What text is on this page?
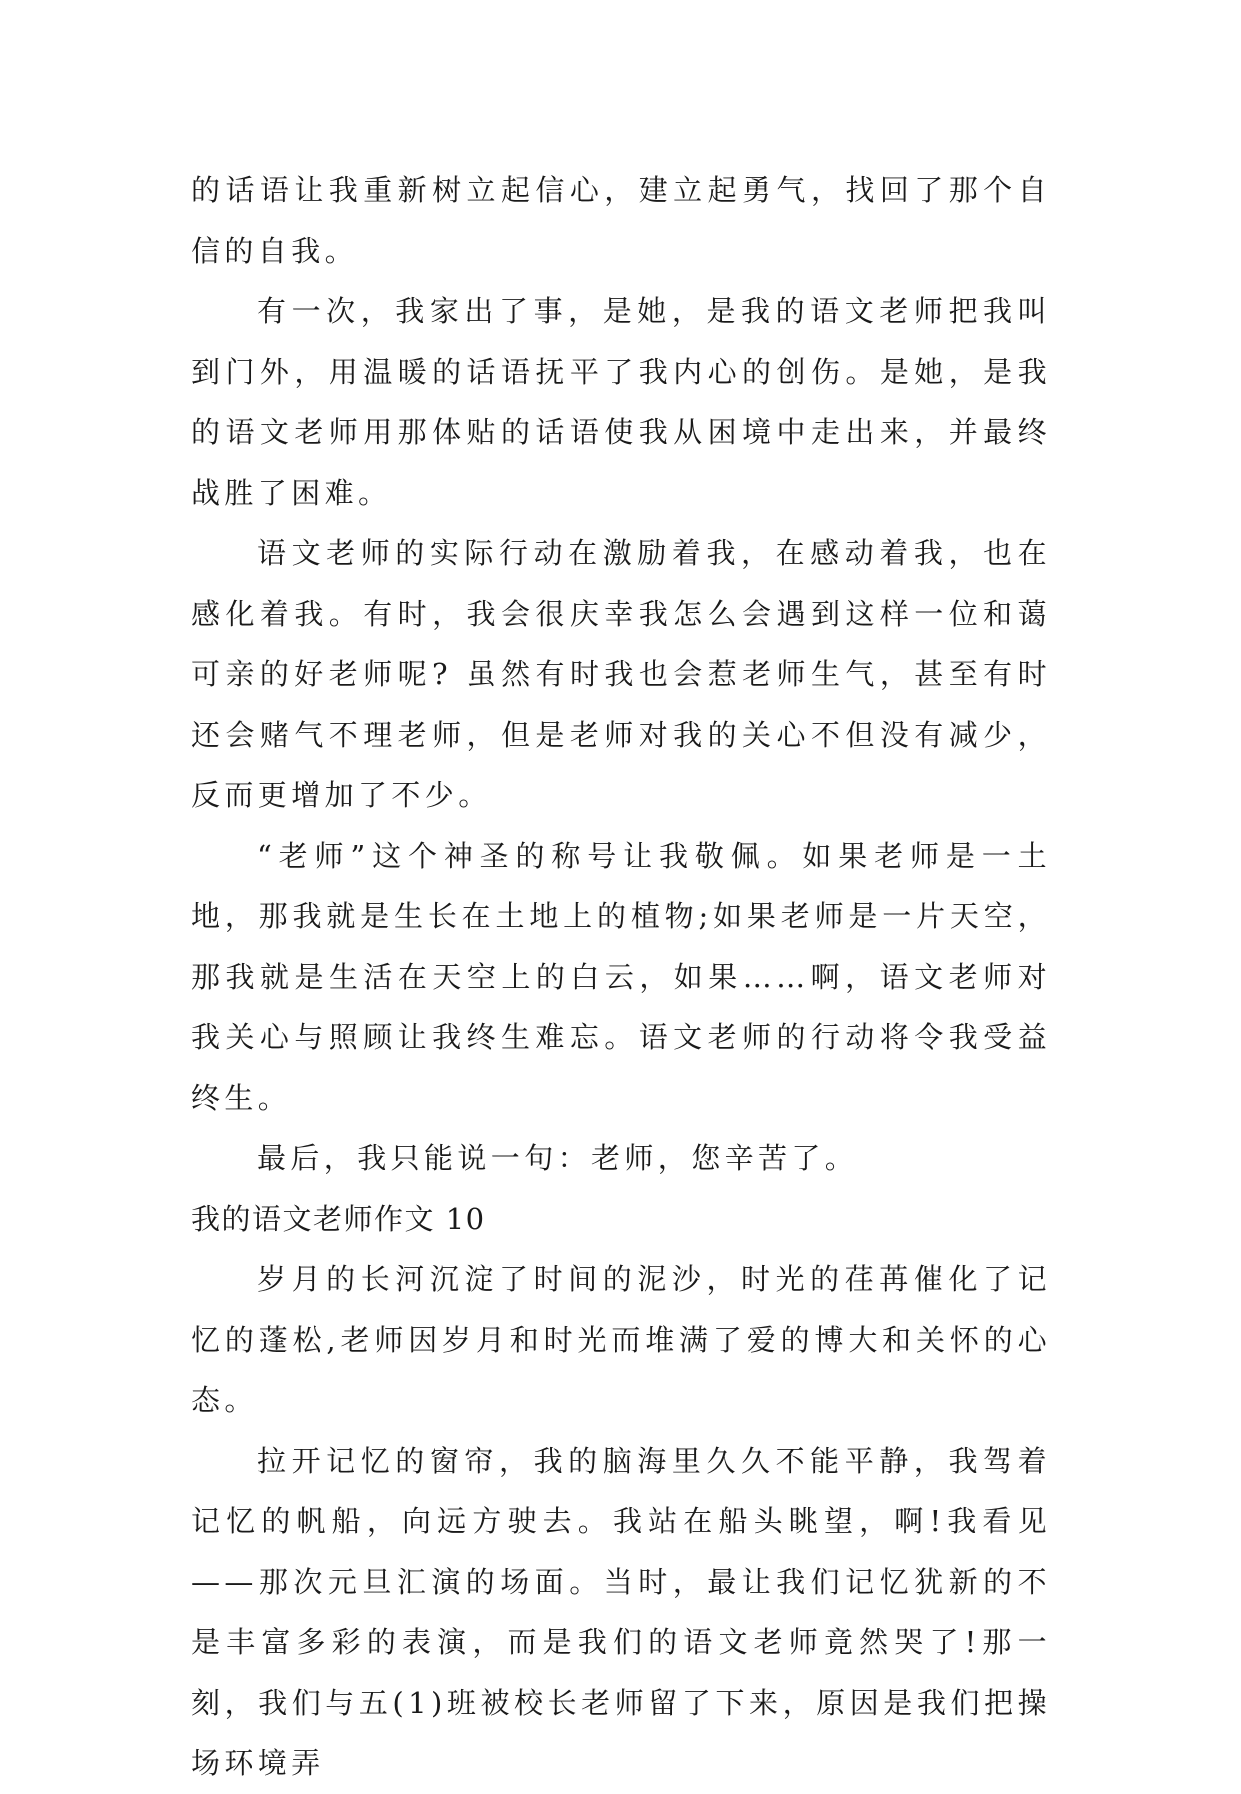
的话语让我重新树立起信心，建立起勇气，找回了那个自信的自我。

有一次，我家出了事，是她，是我的语文老师把我叫到门外，用温暖的话语抚平了我内心的创伤。是她，是我的语文老师用那体贴的话语使我从困境中走出来，并最终战胜了困难。

语文老师的实际行动在激励着我，在感动着我，也在感化着我。有时，我会很庆幸我怎么会遇到这样一位和蔼可亲的好老师呢? 虽然有时我也会惹老师生气，甚至有时还会赌气不理老师，但是老师对我的关心不但没有减少，反而更增加了不少。

“老师”这个神圣的称号让我敬佩。如果老师是一土地，那我就是生长在土地上的植物;如果老师是一片天空，那我就是生活在天空上的白云，如果……啊，语文老师对我关心与照顾让我终生难忘。语文老师的行动将令我受益终生。

最后，我只能说一句：老师，您辛苦了。

我的语文老师作文 10

岁月的长河沉淀了时间的泥沙，时光的荏苒催化了记忆的蓬松,老师因岁月和时光而堆满了爱的博大和关怀的心态。

拉开记忆的窗帘，我的脑海里久久不能平静，我驾着记忆的帆船，向远方驶去。我站在船头眺望，啊!我看见——那次元旦汇演的场面。当时，最让我们记忆犹新的不是丰富多彩的表演，而是我们的语文老师竟然哭了!那一刻，我们与五(1)班被校长老师留了下来，原因是我们把操场环境弄
